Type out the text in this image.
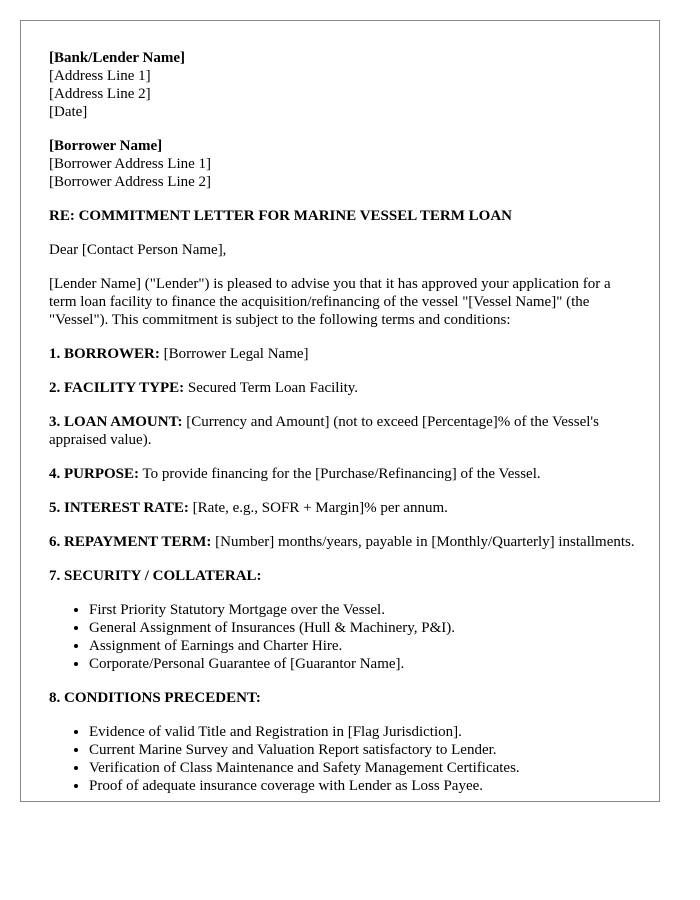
[Bank/Lender Name]
[Address Line 1]
[Address Line 2]
[Date]
[Borrower Name]
[Borrower Address Line 1]
[Borrower Address Line 2]

RE: COMMITMENT LETTER FOR MARINE VESSEL TERM LOAN

Dear [Contact Person Name],

[Lender Name] ("Lender") is pleased to advise you that it has approved your application for a term loan facility to finance the acquisition/refinancing of the vessel "[Vessel Name]" (the "Vessel"). This commitment is subject to the following terms and conditions:

1. BORROWER: [Borrower Legal Name]

2. FACILITY TYPE: Secured Term Loan Facility.

3. LOAN AMOUNT: [Currency and Amount] (not to exceed [Percentage]% of the Vessel's appraised value).

4. PURPOSE: To provide financing for the [Purchase/Refinancing] of the Vessel.

5. INTEREST RATE: [Rate, e.g., SOFR + Margin]% per annum.

6. REPAYMENT TERM: [Number] months/years, payable in [Monthly/Quarterly] installments.

7. SECURITY / COLLATERAL:

• First Priority Statutory Mortgage over the Vessel.
• General Assignment of Insurances (Hull & Machinery, P&I).
• Assignment of Earnings and Charter Hire.
• Corporate/Personal Guarantee of [Guarantor Name].

8. CONDITIONS PRECEDENT:

• Evidence of valid Title and Registration in [Flag Jurisdiction].
• Current Marine Survey and Valuation Report satisfactory to Lender.
• Verification of Class Maintenance and Safety Management Certificates.
• Proof of adequate insurance coverage with Lender as Loss Payee.
